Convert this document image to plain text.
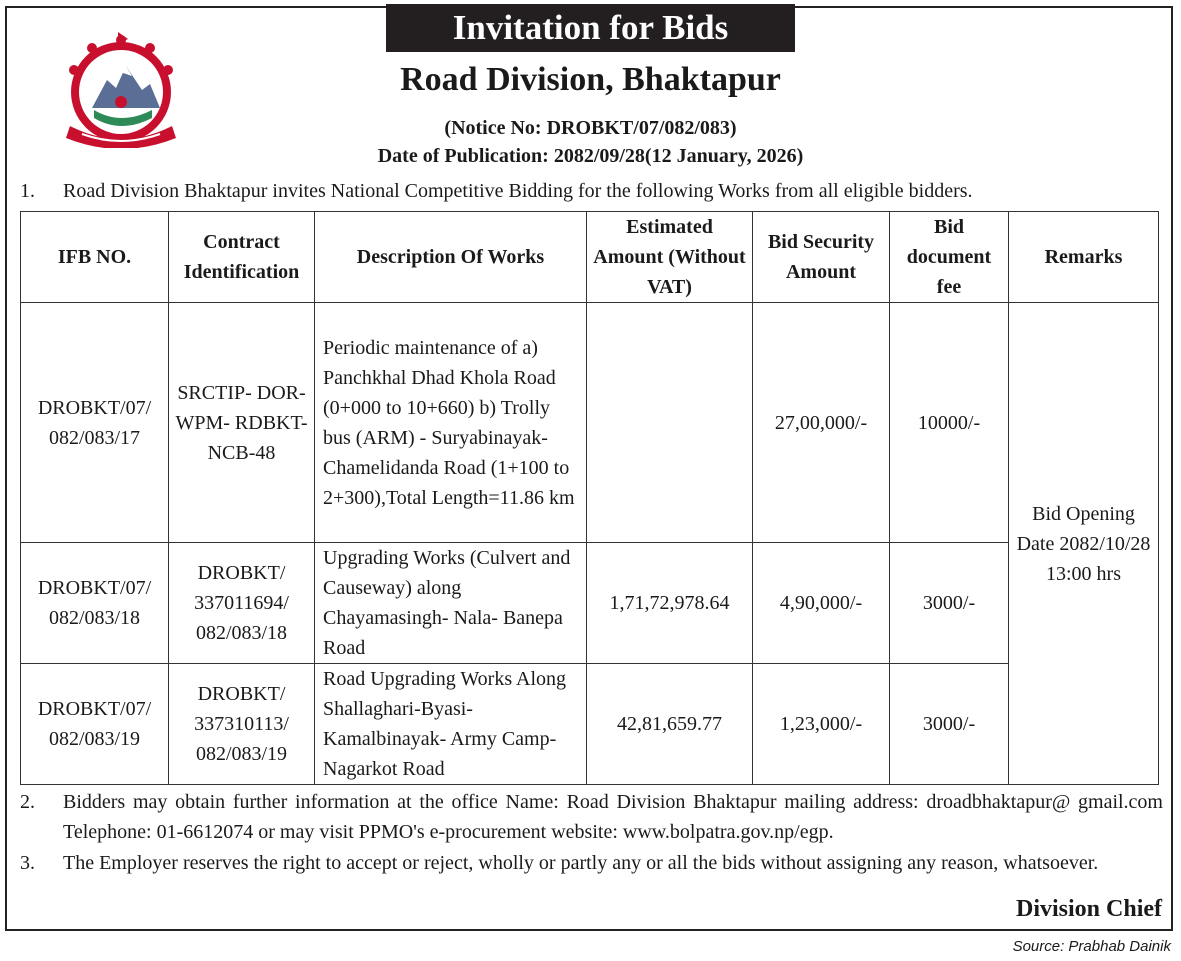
Invitation for Bids
Road Division, Bhaktapur
(Notice No: DROBKT/07/082/083)
Date of Publication: 2082/09/28(12 January, 2026)
1. Road Division Bhaktapur invites National Competitive Bidding for the following Works from all eligible bidders.
IFB NO.	Contract Identification	Description Of Works	Estimated Amount (Without VAT)	Bid Security Amount	Bid document fee	Remarks
DROBKT/07/ 082/083/17	SRCTIP- DOR-WPM- RDBKT- NCB-48	Periodic maintenance of a) Panchkhal Dhad Khola Road (0+000 to 10+660) b) Trolly bus (ARM) - Suryabinayak- Chamelidanda Road (1+100 to 2+300),Total Length=11.86 km		27,00,000/-	10000/-	Bid Opening Date 2082/10/28 13:00 hrs
DROBKT/07/ 082/083/18	DROBKT/ 337011694/ 082/083/18	Upgrading Works (Culvert and Causeway) along Chayamasingh- Nala- Banepa Road	1,71,72,978.64	4,90,000/-	3000/-	
DROBKT/07/ 082/083/19	DROBKT/ 337310113/ 082/083/19	Road Upgrading Works Along Shallaghari-Byasi- Kamalbinayak- Army Camp-Nagarkot Road	42,81,659.77	1,23,000/-	3000/-	
2. Bidders may obtain further information at the office Name: Road Division Bhaktapur mailing address: droadbhaktapur@ gmail.com Telephone: 01-6612074 or may visit PPMO's e-procurement website: www.bolpatra.gov.np/egp.
3. The Employer reserves the right to accept or reject, wholly or partly any or all the bids without assigning any reason, whatsoever.
Division Chief
Source: Prabhab Dainik
